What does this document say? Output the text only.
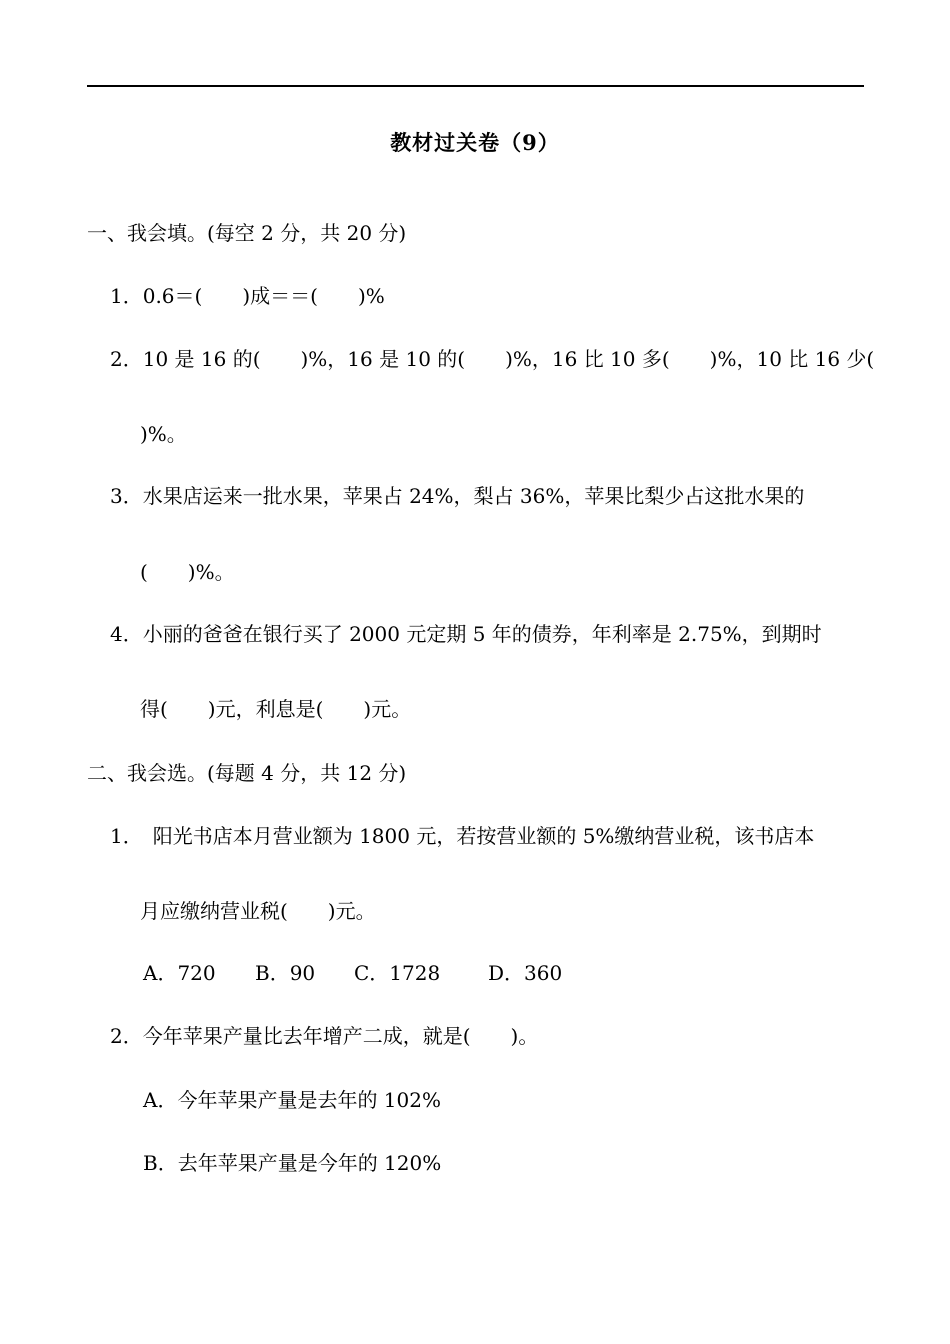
教材过关卷（9）
一、我会填。(每空 2 分，共 20 分)
1．0.6＝(　　)成＝＝(　　)%
2．10 是 16 的(　　)%，16 是 10 的(　　)%，16 比 10 多(　　)%，10 比 16 少(
)%。
3．水果店运来一批水果，苹果占 24%，梨占 36%，苹果比梨少占这批水果的
(　　)%。
4．小丽的爸爸在银行买了 2000 元定期 5 年的债券，年利率是 2.75%，到期时
得(　　)元，利息是(　　)元。
二、我会选。(每题 4 分，共 12 分)
1．　阳光书店本月营业额为 1800 元，若按营业额的 5%缴纳营业税，该书店本
月应缴纳营业税(　　)元。
A．720 B．90 C．1728 D．360
2．今年苹果产量比去年增产二成，就是(　　)。
A．今年苹果产量是去年的 102%
B．去年苹果产量是今年的 120%
